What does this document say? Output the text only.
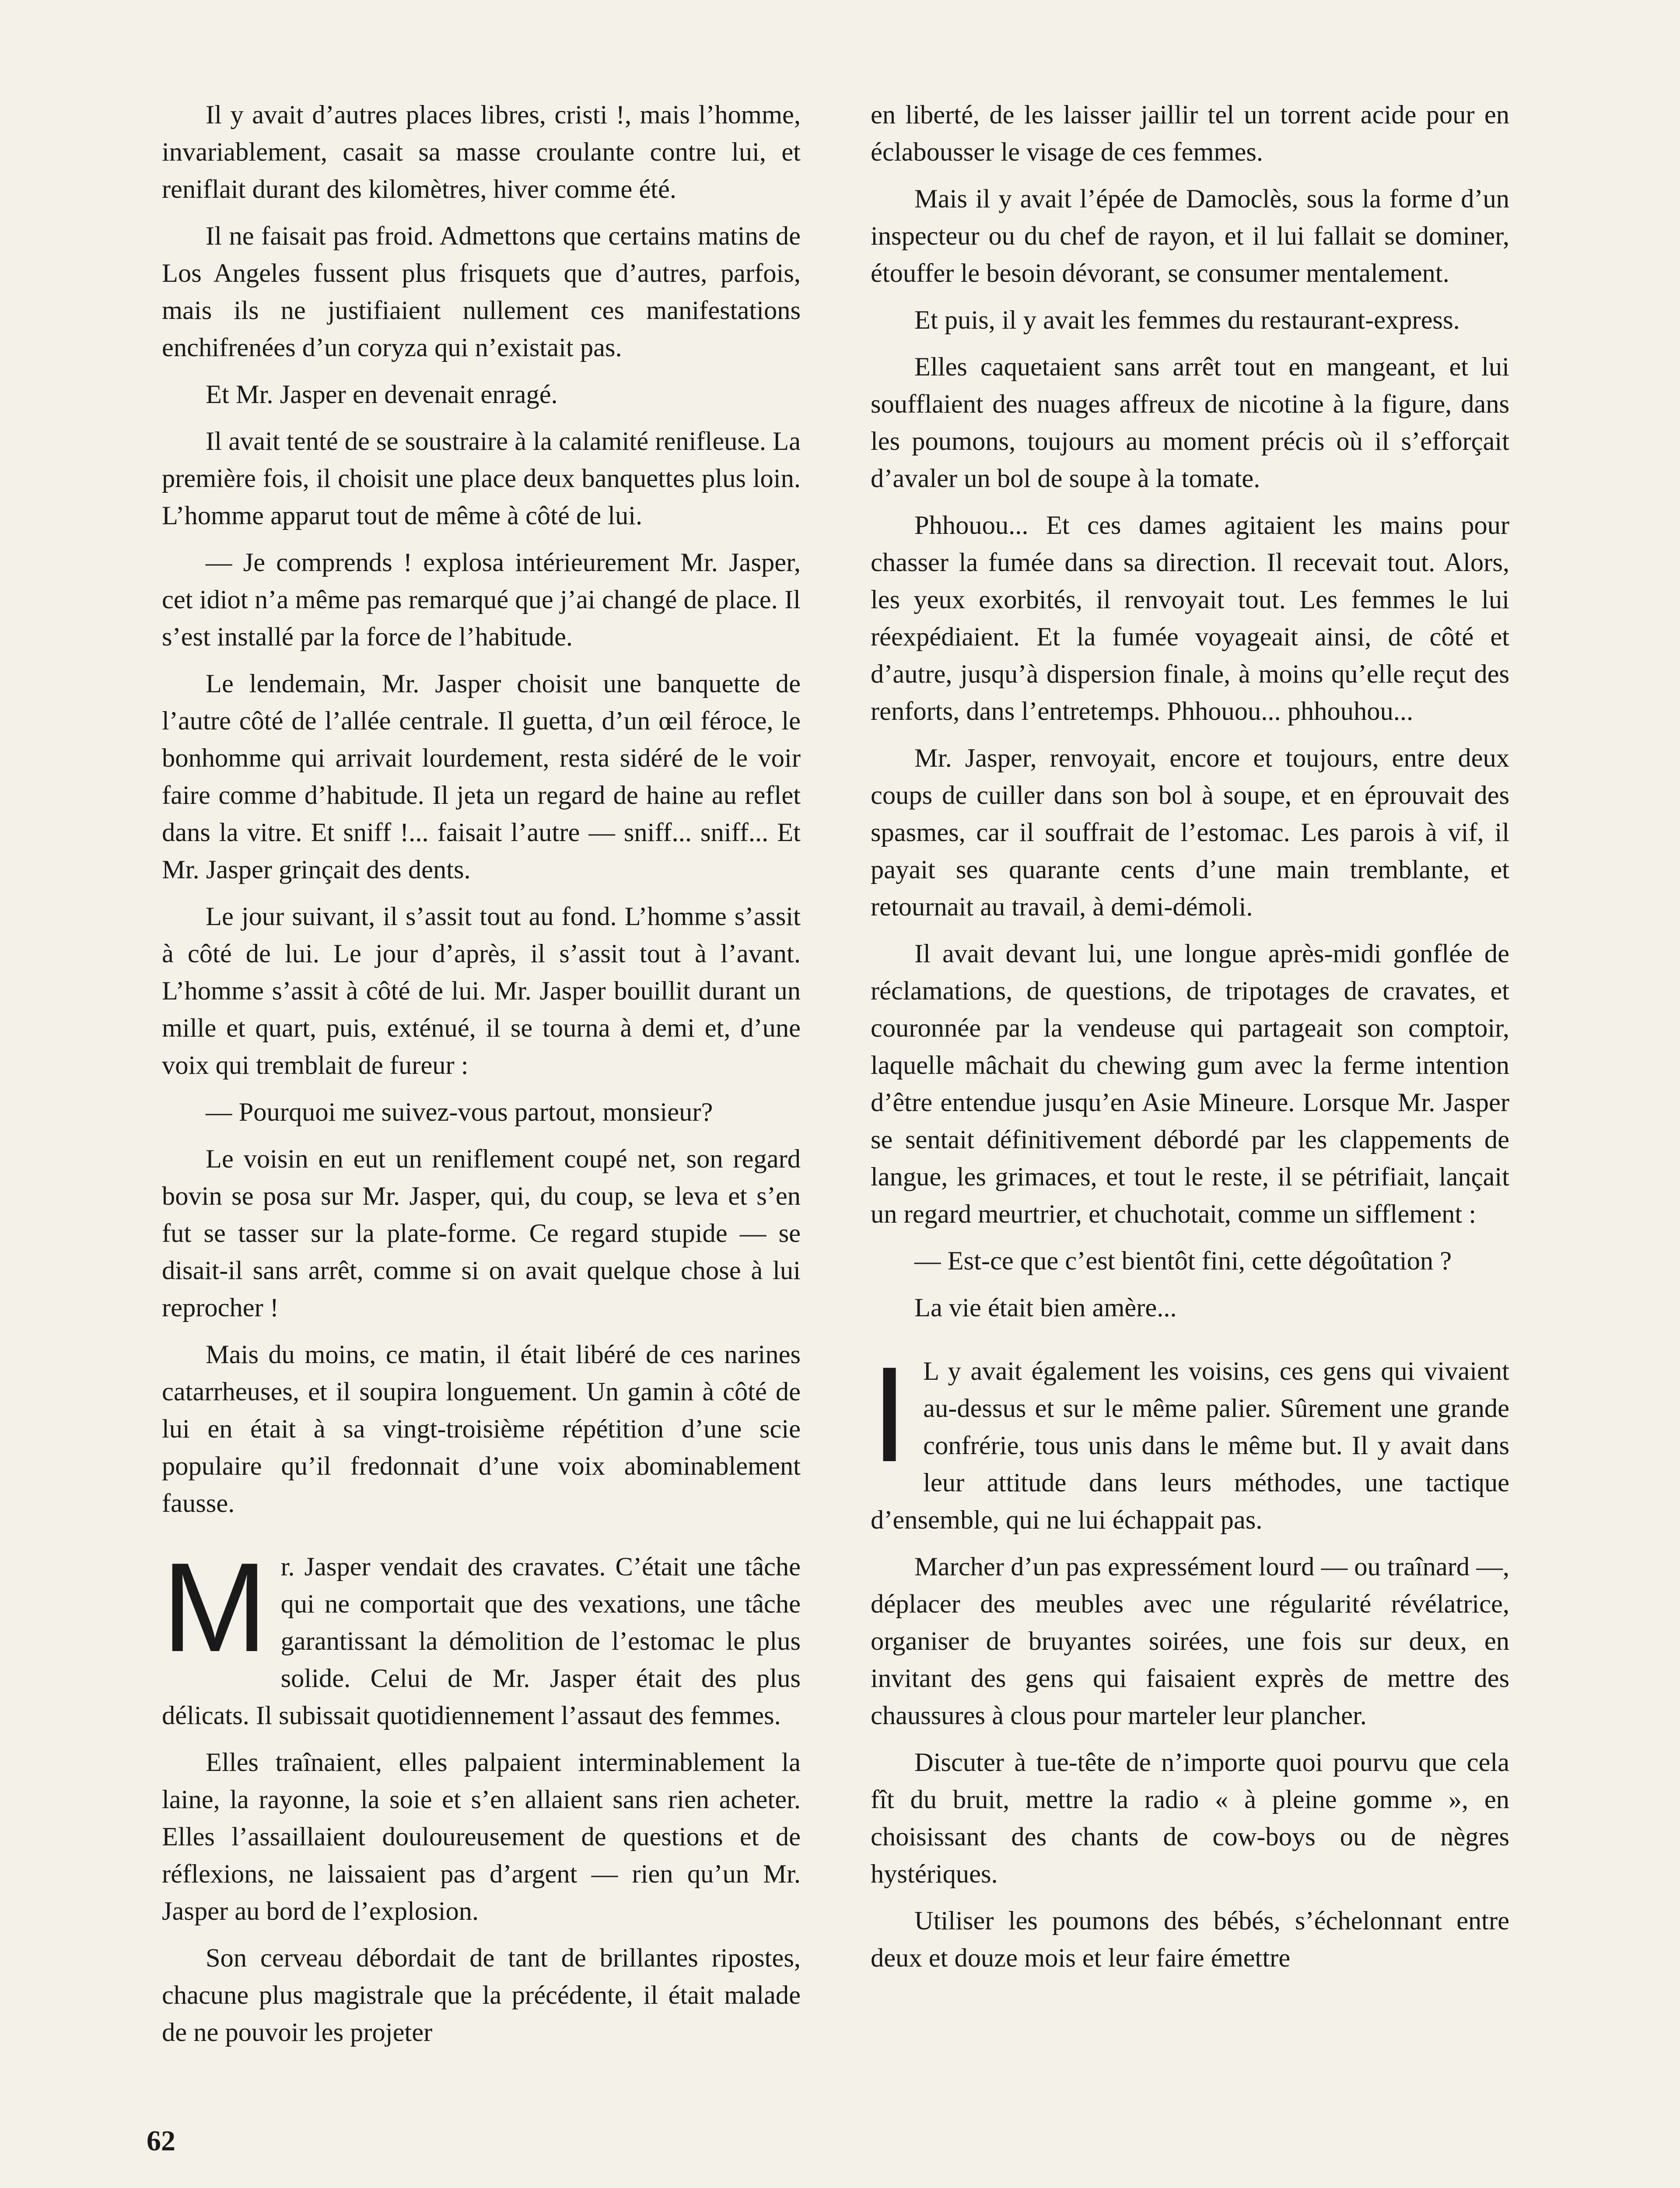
Il y avait d’autres places libres, cristi !, mais l’homme, invariablement, casait sa masse croulante contre lui, et reniflait durant des kilomètres, hiver comme été.

Il ne faisait pas froid. Admettons que certains matins de Los Angeles fussent plus frisquets que d’autres, parfois, mais ils ne justifiaient nullement ces manifestations enchifrenées d’un coryza qui n’existait pas.

Et Mr. Jasper en devenait enragé.

Il avait tenté de se soustraire à la calamité renifleuse. La première fois, il choisit une place deux banquettes plus loin. L’homme apparut tout de même à côté de lui.

— Je comprends ! explosa intérieurement Mr. Jasper, cet idiot n’a même pas remarqué que j’ai changé de place. Il s’est installé par la force de l’habitude.

Le lendemain, Mr. Jasper choisit une banquette de l’autre côté de l’allée centrale. Il guetta, d’un œil féroce, le bonhomme qui arrivait lourdement, resta sidéré de le voir faire comme d’habitude. Il jeta un regard de haine au reflet dans la vitre. Et sniff !... faisait l’autre — sniff... sniff... Et Mr. Jasper grinçait des dents.

Le jour suivant, il s’assit tout au fond. L’homme s’assit à côté de lui. Le jour d’après, il s’assit tout à l’avant. L’homme s’assit à côté de lui. Mr. Jasper bouillit durant un mille et quart, puis, exténué, il se tourna à demi et, d’une voix qui tremblait de fureur :

— Pourquoi me suivez-vous partout, monsieur?

Le voisin en eut un reniflement coupé net, son regard bovin se posa sur Mr. Jasper, qui, du coup, se leva et s’en fut se tasser sur la plate-forme. Ce regard stupide — se disait-il sans arrêt, comme si on avait quelque chose à lui reprocher !

Mais du moins, ce matin, il était libéré de ces narines catarrheuses, et il soupira longuement. Un gamin à côté de lui en était à sa vingt-troisième répétition d’une scie populaire qu’il fredonnait d’une voix abominablement fausse.

M r. Jasper vendait des cravates. C’était une tâche qui ne comportait que des vexations, une tâche garantissant la démolition de l’estomac le plus solide. Celui de Mr. Jasper était des plus délicats. Il subissait quotidiennement l’assaut des femmes.

Elles traînaient, elles palpaient interminablement la laine, la rayonne, la soie et s’en allaient sans rien acheter. Elles l’assaillaient douloureusement de questions et de réflexions, ne laissaient pas d’argent — rien qu’un Mr. Jasper au bord de l’explosion.

Son cerveau débordait de tant de brillantes ripostes, chacune plus magistrale que la précédente, il était malade de ne pouvoir les projeter

en liberté, de les laisser jaillir tel un torrent acide pour en éclabousser le visage de ces femmes.

Mais il y avait l’épée de Damoclès, sous la forme d’un inspecteur ou du chef de rayon, et il lui fallait se dominer, étouffer le besoin dévorant, se consumer mentalement.

Et puis, il y avait les femmes du restaurant-express.

Elles caquetaient sans arrêt tout en mangeant, et lui soufflaient des nuages affreux de nicotine à la figure, dans les poumons, toujours au moment précis où il s’efforçait d’avaler un bol de soupe à la tomate.

Phhouou... Et ces dames agitaient les mains pour chasser la fumée dans sa direction. Il recevait tout. Alors, les yeux exorbités, il renvoyait tout. Les femmes le lui réexpédiaient. Et la fumée voyageait ainsi, de côté et d’autre, jusqu’à dispersion finale, à moins qu’elle reçut des renforts, dans l’entretemps. Phhouou... phhouhou...

Mr. Jasper, renvoyait, encore et toujours, entre deux coups de cuiller dans son bol à soupe, et en éprouvait des spasmes, car il souffrait de l’estomac. Les parois à vif, il payait ses quarante cents d’une main tremblante, et retournait au travail, à demi-démoli.

Il avait devant lui, une longue après-midi gonflée de réclamations, de questions, de tripotages de cravates, et couronnée par la vendeuse qui partageait son comptoir, laquelle mâchait du chewing gum avec la ferme intention d’être entendue jusqu’en Asie Mineure. Lorsque Mr. Jasper se sentait définitivement débordé par les clappements de langue, les grimaces, et tout le reste, il se pétrifiait, lançait un regard meurtrier, et chuchotait, comme un sifflement :

— Est-ce que c’est bientôt fini, cette dégoûtation ?

La vie était bien amère...

I L y avait également les voisins, ces gens qui vivaient au-dessus et sur le même palier. Sûrement une grande confrérie, tous unis dans le même but. Il y avait dans leur attitude dans leurs méthodes, une tactique d’ensemble, qui ne lui échappait pas.

Marcher d’un pas expressément lourd — ou traînard —, déplacer des meubles avec une régularité révélatrice, organiser de bruyantes soirées, une fois sur deux, en invitant des gens qui faisaient exprès de mettre des chaussures à clous pour marteler leur plancher.

Discuter à tue-tête de n’importe quoi pourvu que cela fît du bruit, mettre la radio « à pleine gomme », en choisissant des chants de cow-boys ou de nègres hystériques.

Utiliser les poumons des bébés, s’échelonnant entre deux et douze mois et leur faire émettre

62
